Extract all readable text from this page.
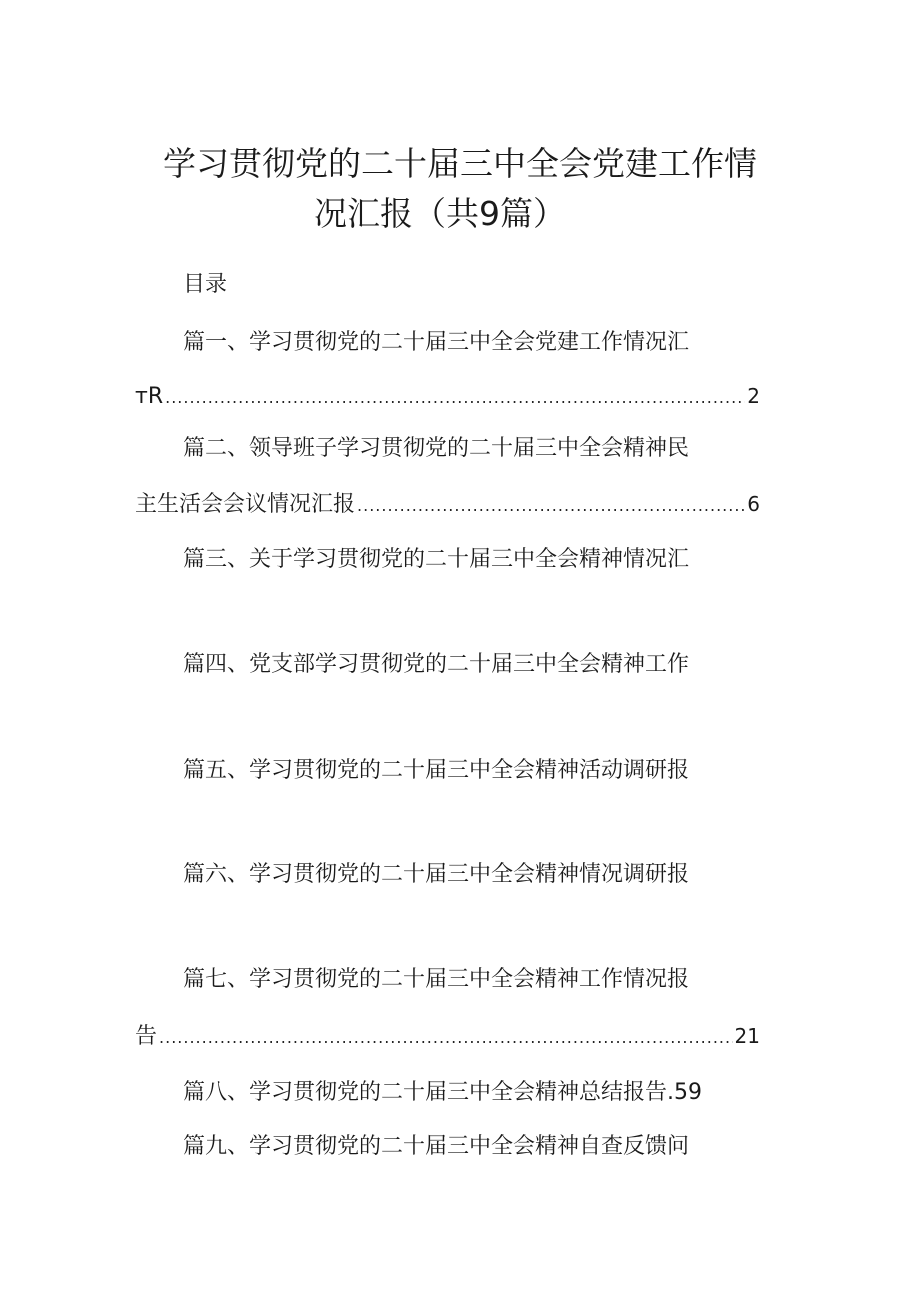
学习贯彻党的二十届三中全会党建工作情
况汇报（共9篇）
目录
篇一、学习贯彻党的二十届三中全会党建工作情况汇
тR .....	2
篇二、领导班子学习贯彻党的二十届三中全会精神民
主生活会会议情况汇报 .....	6
篇三、关于学习贯彻党的二十届三中全会精神情况汇
篇四、党支部学习贯彻党的二十届三中全会精神工作
篇五、学习贯彻党的二十届三中全会精神活动调研报
篇六、学习贯彻党的二十届三中全会精神情况调研报
篇七、学习贯彻党的二十届三中全会精神工作情况报
告 .....	21
篇八、学习贯彻党的二十届三中全会精神总结报告.59
篇九、学习贯彻党的二十届三中全会精神自查反馈问
